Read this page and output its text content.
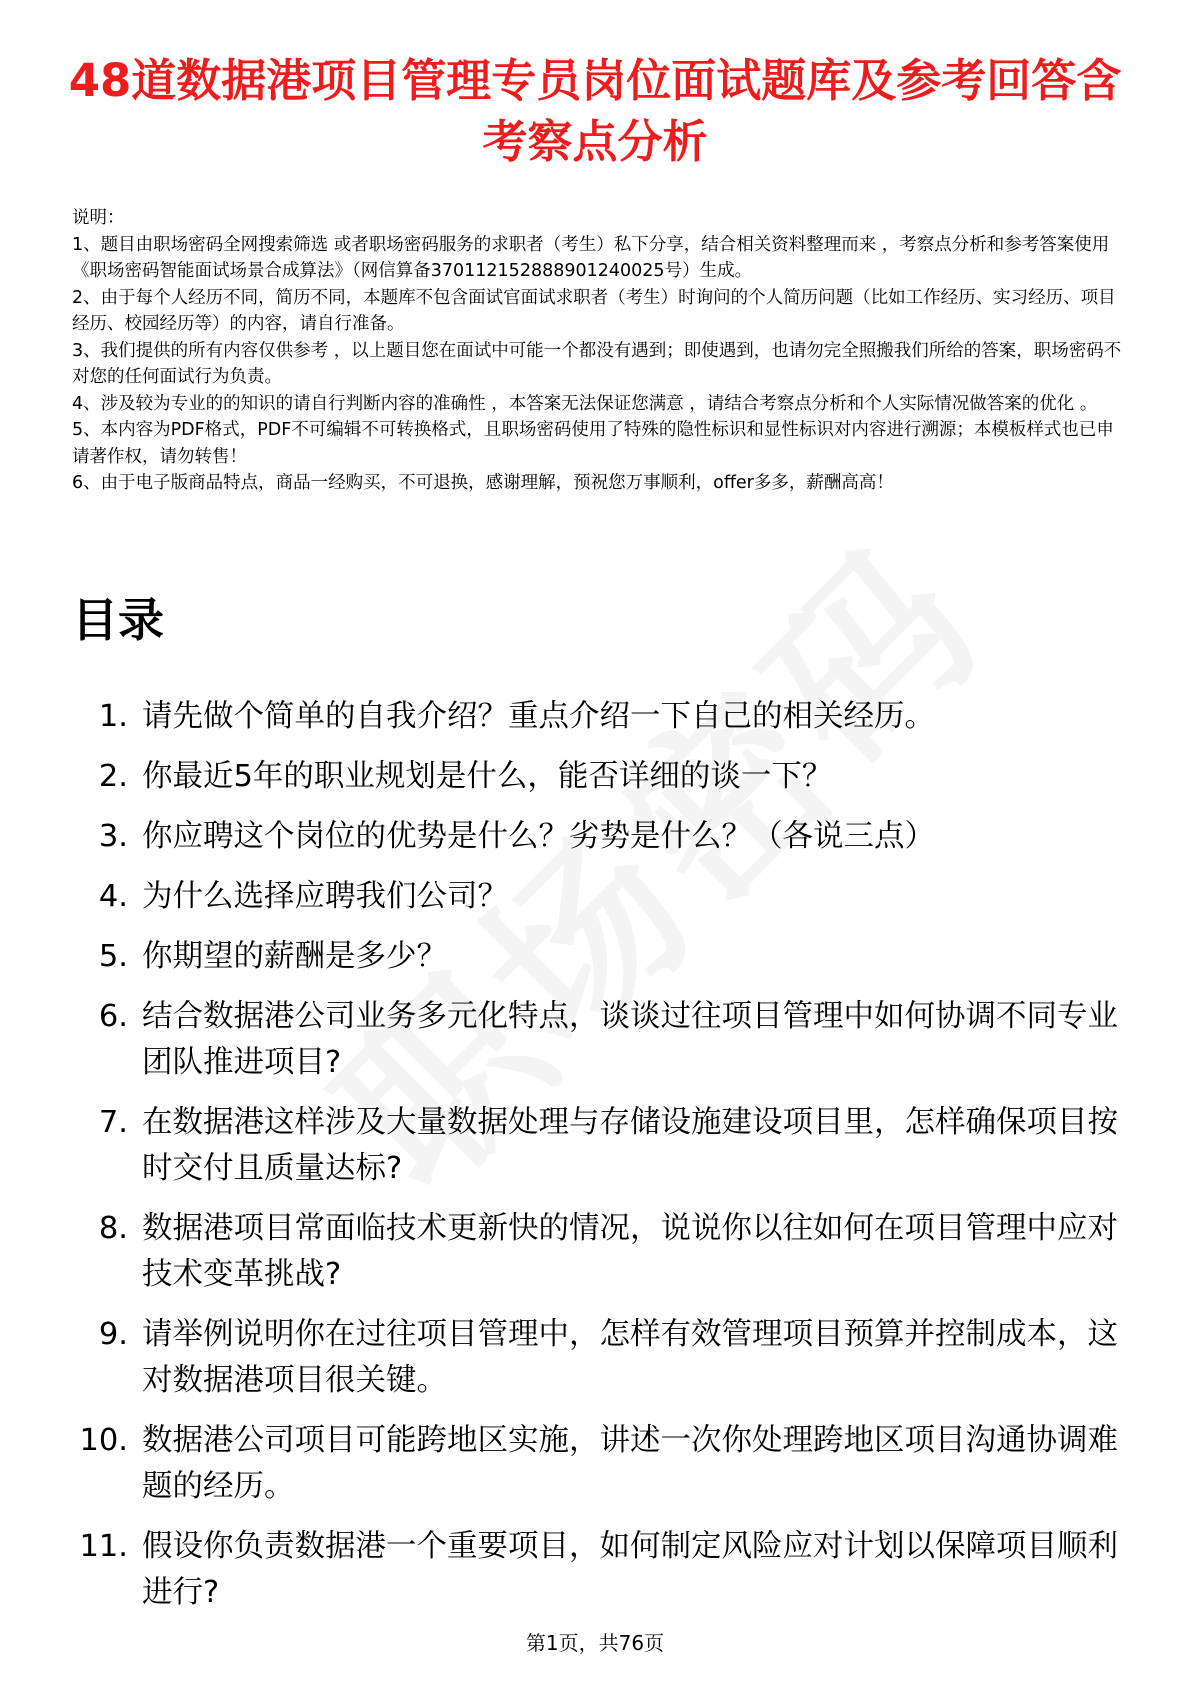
48道数据港项目管理专员岗位面试题库及参考回答含考察点分析

说明：

1、题目由职场密码全网搜索筛选 或者职场密码服务的求职者（考生）私下分享，结合相关资料整理而来 ，考察点分析和参考答案使用《职场密码智能面试场景合成算法》（网信算备370112152888901240025号）生成。

2、由于每个人经历不同，简历不同，本题库不包含面试官面试求职者（考生）时询问的个人简历问题（比如工作经历、实习经历、项目经历、校园经历等）的内容，请自行准备。

3、我们提供的所有内容仅供参考 ，以上题目您在面试中可能一个都没有遇到；即使遇到，也请勿完全照搬我们所给的答案，职场密码不对您的任何面试行为负责。

4、涉及较为专业的的知识的请自行判断内容的准确性 ，本答案无法保证您满意 ，请结合考察点分析和个人实际情况做答案的优化 。

5、本内容为PDF格式，PDF不可编辑不可转换格式，且职场密码使用了特殊的隐性标识和显性标识对内容进行溯源；本模板样式也已申请著作权，请勿转售！

6、由于电子版商品特点，商品一经购买，不可退换，感谢理解，预祝您万事顺利，offer多多，薪酬高高！

目录
1. 请先做个简单的自我介绍？重点介绍一下自己的相关经历。
2. 你最近5年的职业规划是什么，能否详细的谈一下？
3. 你应聘这个岗位的优势是什么？劣势是什么？（各说三点）
4. 为什么选择应聘我们公司？
5. 你期望的薪酬是多少？
6. 结合数据港公司业务多元化特点，谈谈过往项目管理中如何协调不同专业团队推进项目?
7. 在数据港这样涉及大量数据处理与存储设施建设项目里，怎样确保项目按时交付且质量达标?
8. 数据港项目常面临技术更新快的情况，说说你以往如何在项目管理中应对技术变革挑战?
9. 请举例说明你在过往项目管理中，怎样有效管理项目预算并控制成本，这对数据港项目很关键。
10. 数据港公司项目可能跨地区实施，讲述一次你处理跨地区项目沟通协调难题的经历。
11. 假设你负责数据港一个重要项目，如何制定风险应对计划以保障项目顺利进行?
第1页，共76页
